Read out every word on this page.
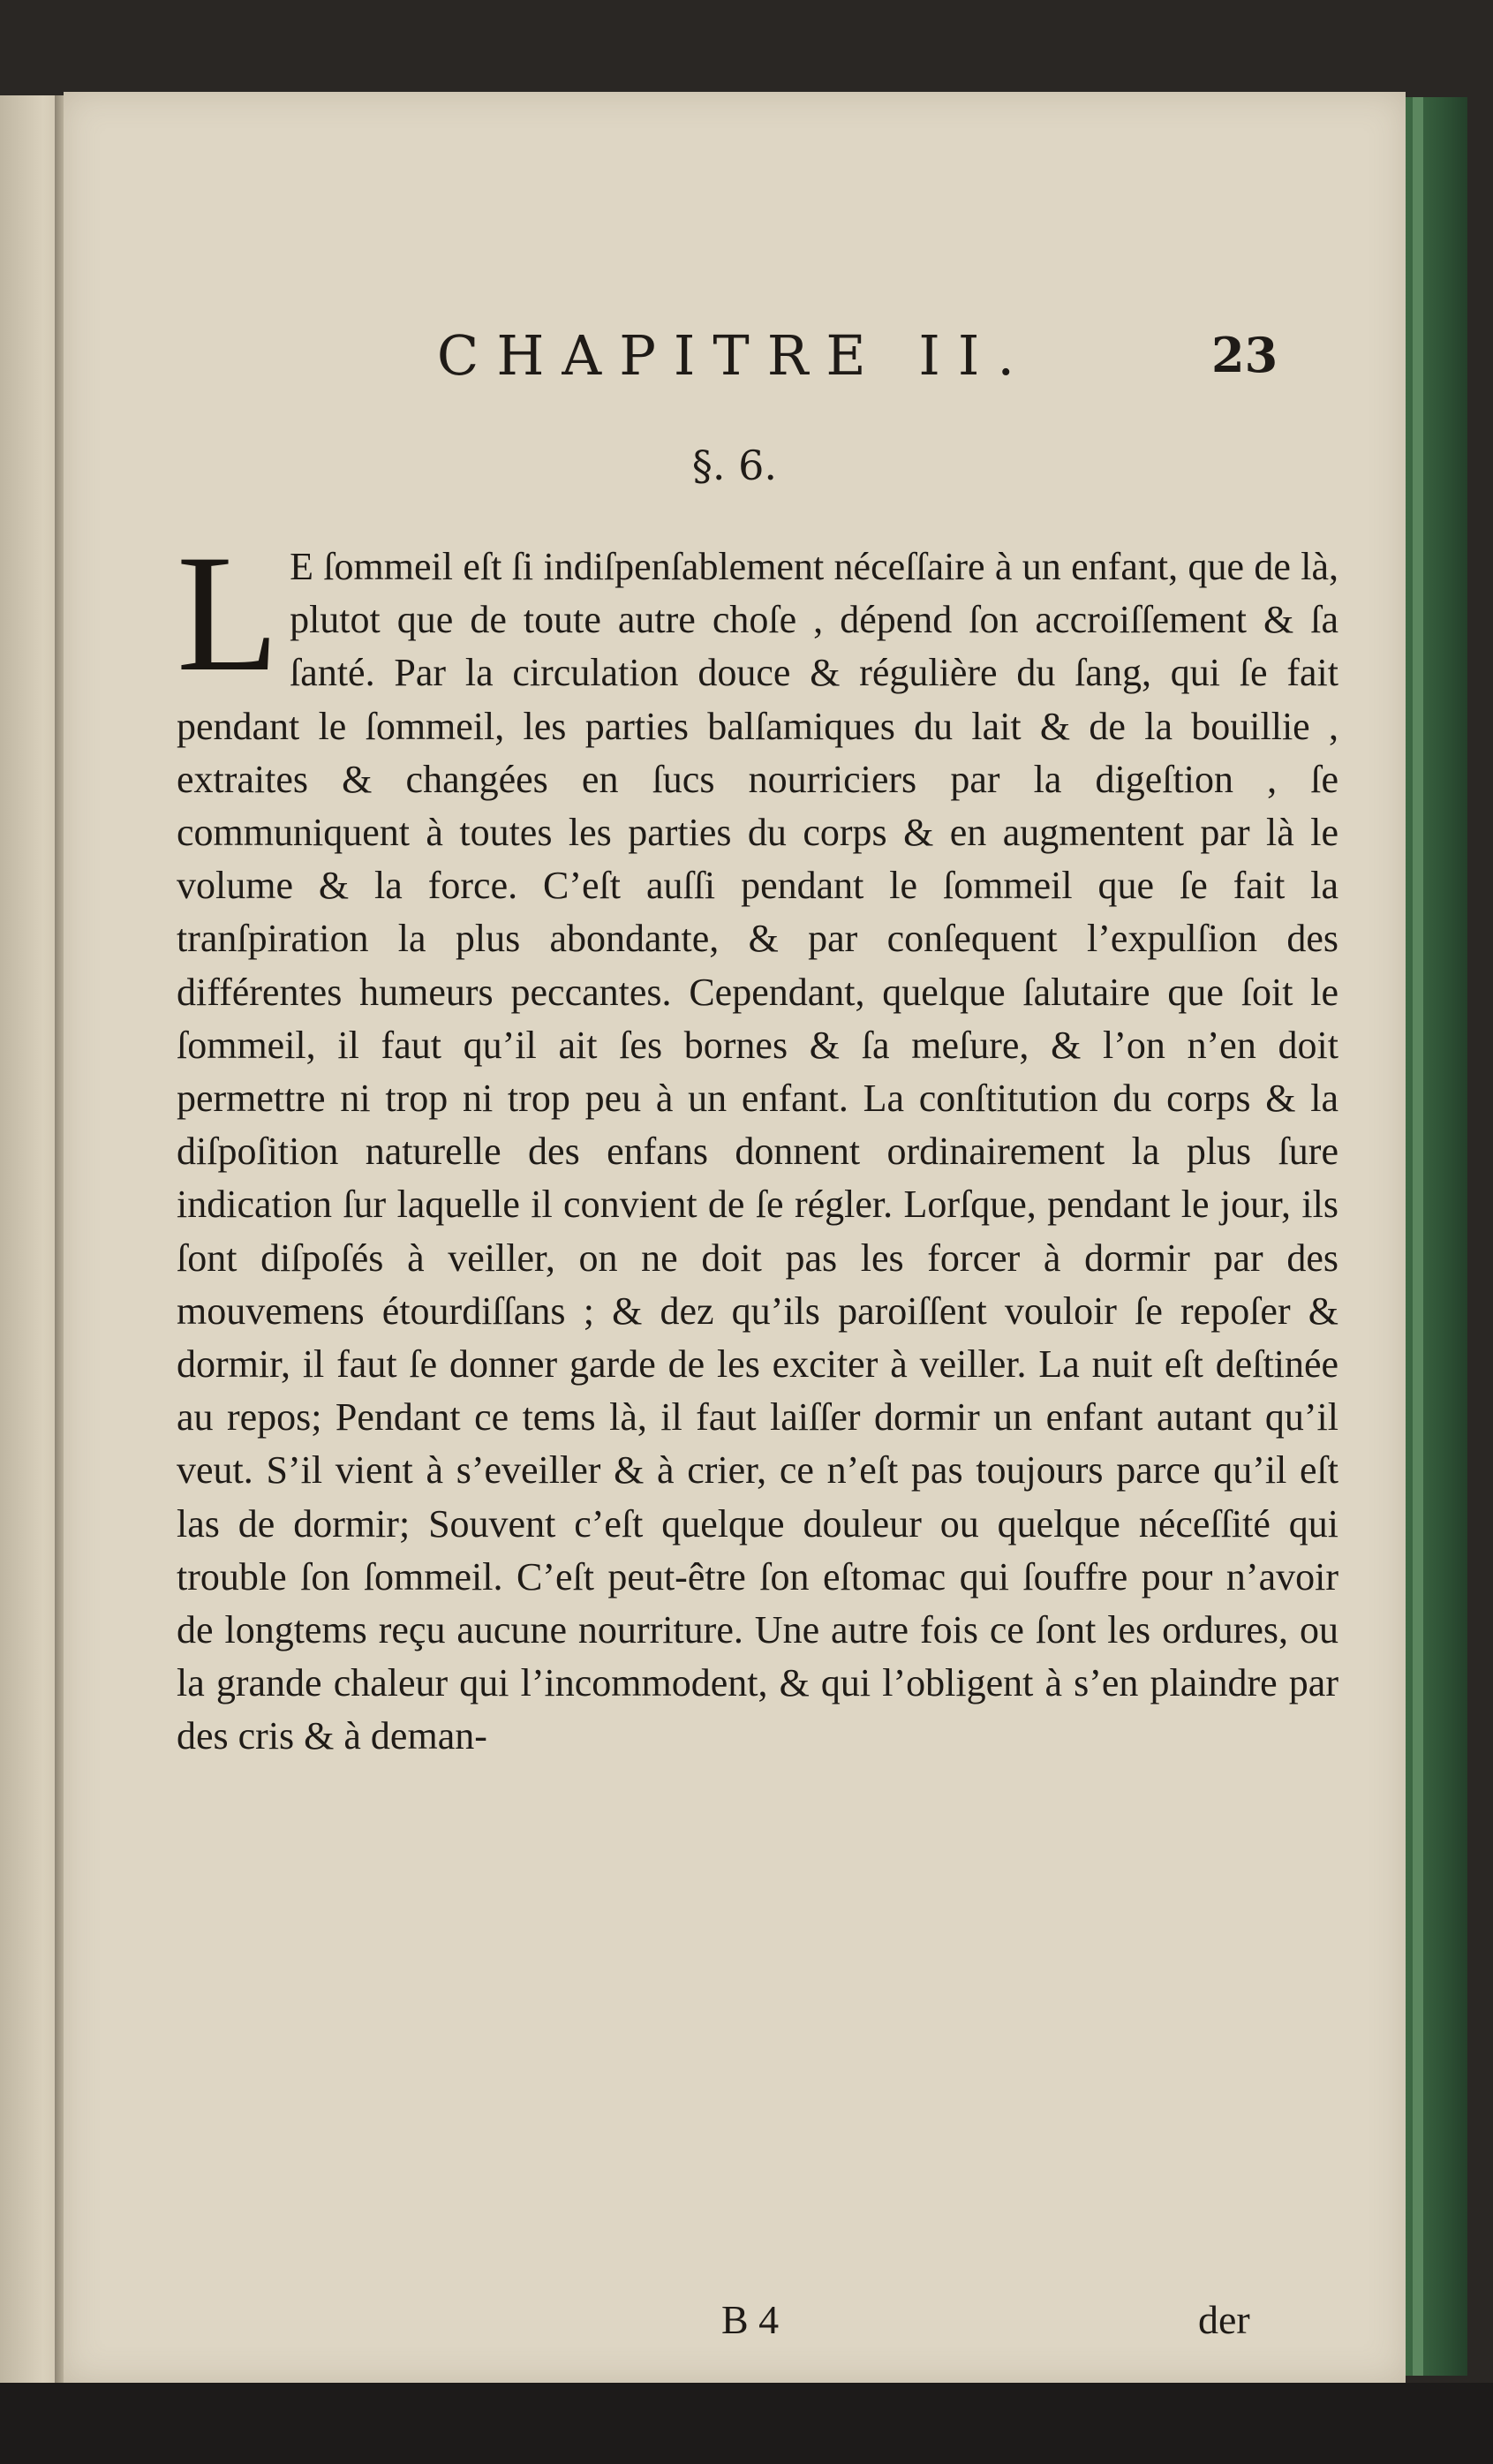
CHAPITRE II.	23
§. 6.
L E ſommeil eſt ſi indiſpenſablement néceſſaire à un enfant, que de là, plutot que de toute autre choſe , dépend ſon accroiſſement & ſa ſanté. Par la circulation douce & régulière du ſang, qui ſe fait pendant le ſommeil, les parties balſamiques du lait & de la bouillie , extraites & changées en ſucs nourriciers par la digeſtion , ſe communiquent à toutes les parties du corps & en augmentent par là le volume & la force. C’eſt auſſi pendant le ſommeil que ſe fait la tranſpiration la plus abondante, & par conſequent l’expulſion des différentes humeurs peccantes. Cependant, quelque ſalutaire que ſoit le ſommeil, il faut qu’il ait ſes bornes & ſa meſure, & l’on n’en doit permettre ni trop ni trop peu à un enfant. La conſtitution du corps & la diſpoſition naturelle des enfans donnent ordinairement la plus ſure indication ſur laquelle il convient de ſe régler. Lorſque, pendant le jour, ils ſont diſpoſés à veiller, on ne doit pas les forcer à dormir par des mouvemens étourdiſſans ; & dez qu’ils paroiſſent vouloir ſe repoſer & dormir, il faut ſe donner garde de les exciter à veiller. La nuit eſt deſtinée au repos; Pendant ce tems là, il faut laiſſer dormir un enfant autant qu’il veut. S’il vient à s’eveiller & à crier, ce n’eſt pas toujours parce qu’il eſt las de dormir; Souvent c’eſt quelque douleur ou quelque néceſſité qui trouble ſon ſommeil. C’eſt peut-être ſon eſtomac qui ſouffre pour n’avoir de longtems reçu aucune nourriture. Une autre fois ce ſont les ordures, ou la grande chaleur qui l’incommodent, & qui l’obligent à s’en plaindre par des cris & à deman-

B 4	der
